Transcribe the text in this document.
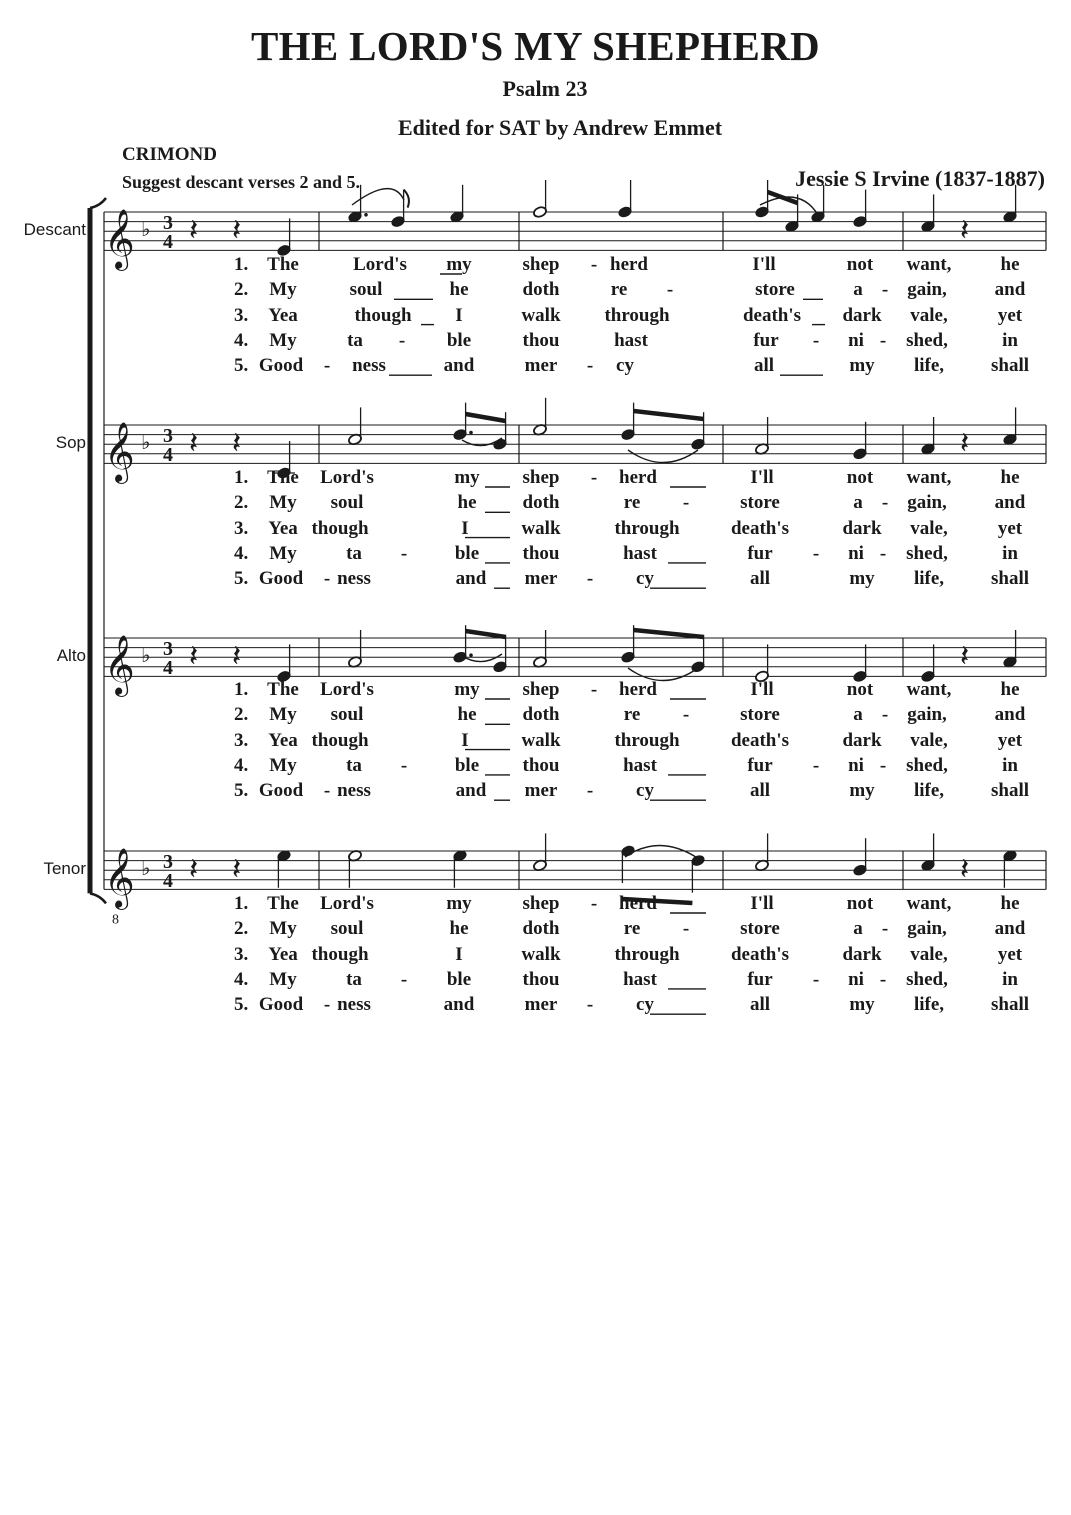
THE LORD'S MY SHEPHERD
Psalm 23
Edited for SAT by Andrew Emmet
CRIMOND
Suggest descant verses 2 and 5.	Jessie S Irvine (1837-1887)
𝄞 ♭ 3
4 𝄽 𝄽	𝄽
𝄞 ♭ 3
4 𝄽 𝄽	𝄽
𝄞 ♭ 3
4 𝄽 𝄽	𝄽
𝄞 ♭ 3
4
8
𝄽 𝄽	𝄽
Descant
Sop
Alto
Tenor
1. The	Lord's my	shep - herd	I'll	not want,	he
2. My	soul	he	doth	re -	store	a - gain,	and
3. Yea	though I	walk through	death's dark vale,	yet
4. My	ta - ble	thou	hast	fur - ni - shed,	in
5. Good - ness	and	mer - cy	all	my life, shall
1. The Lord's	my shep - herd	I'll	not want,	he
2. My soul	he doth	re -	store	a - gain,	and
3. Yea though	I	walk	through	death's	dark vale,	yet
4. My	ta -	ble thou	hast	fur - ni - shed,	in
5. Good - ness	and mer - cy	all	my life, shall
1. The Lord's	my shep - herd	I'll	not want,	he
2. My soul	he doth	re -	store	a - gain,	and
3. Yea though	I	walk	through	death's	dark vale,	yet
4. My	ta -	ble thou	hast	fur - ni - shed,	in
5. Good - ness	and mer - cy	all	my life, shall
1. The Lord's	my	shep - herd	I'll	not want,	he
2. My soul	he	doth	re -	store	a - gain,	and
3. Yea though	I	walk	through	death's	dark vale,	yet
4. My	ta - ble	thou	hast	fur - ni - shed,	in
5. Good - ness	and	mer - cy	all	my life, shall
